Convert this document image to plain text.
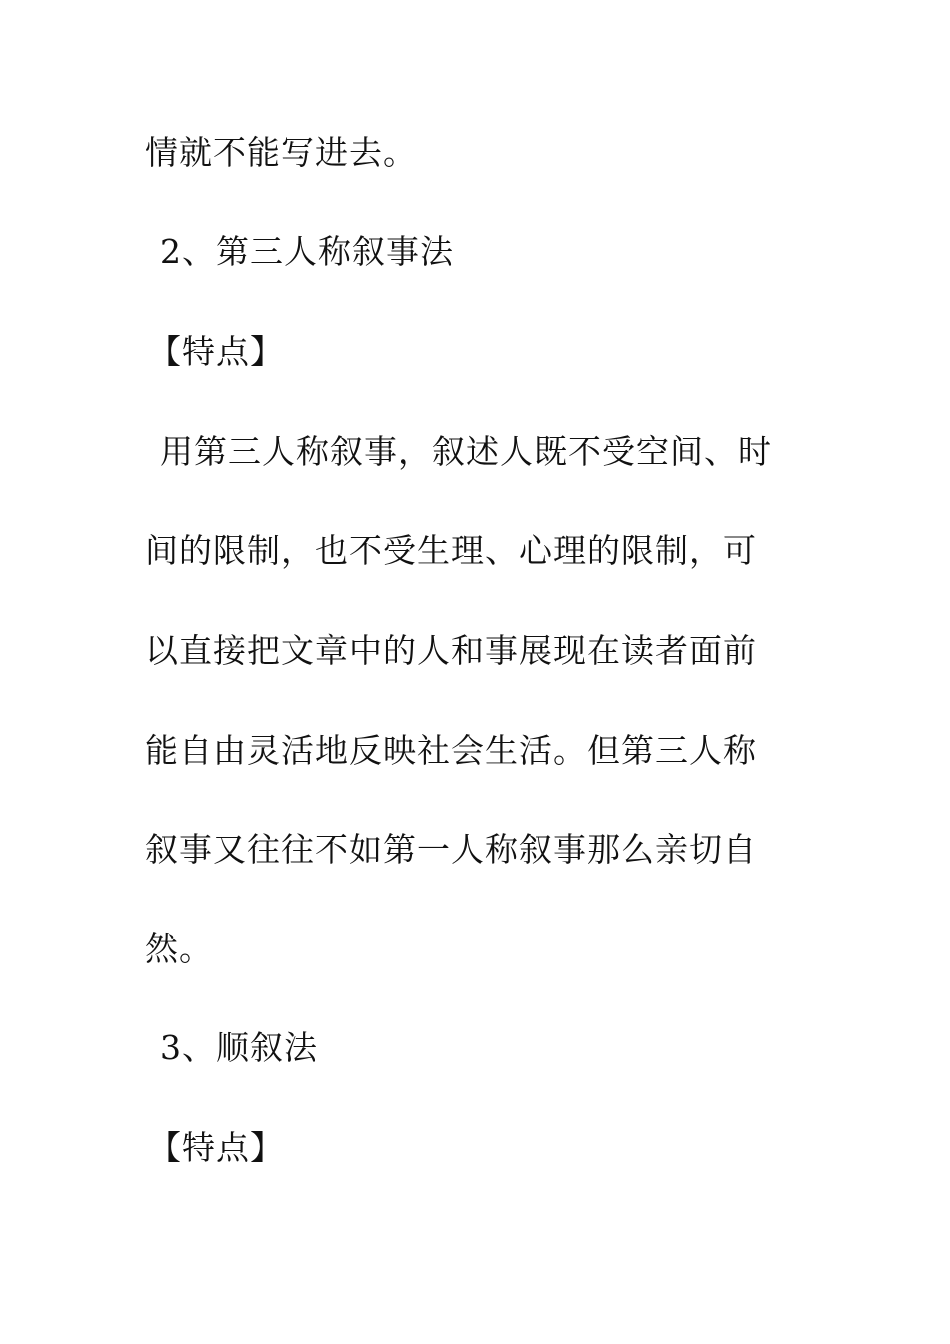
情就不能写进去。
2、第三人称叙事法
【特点】
用第三人称叙事，叙述人既不受空间、时
间的限制，也不受生理、心理的限制，可
以直接把文章中的人和事展现在读者面前
能自由灵活地反映社会生活。但第三人称
叙事又往往不如第一人称叙事那么亲切自
然。
3、顺叙法
【特点】
